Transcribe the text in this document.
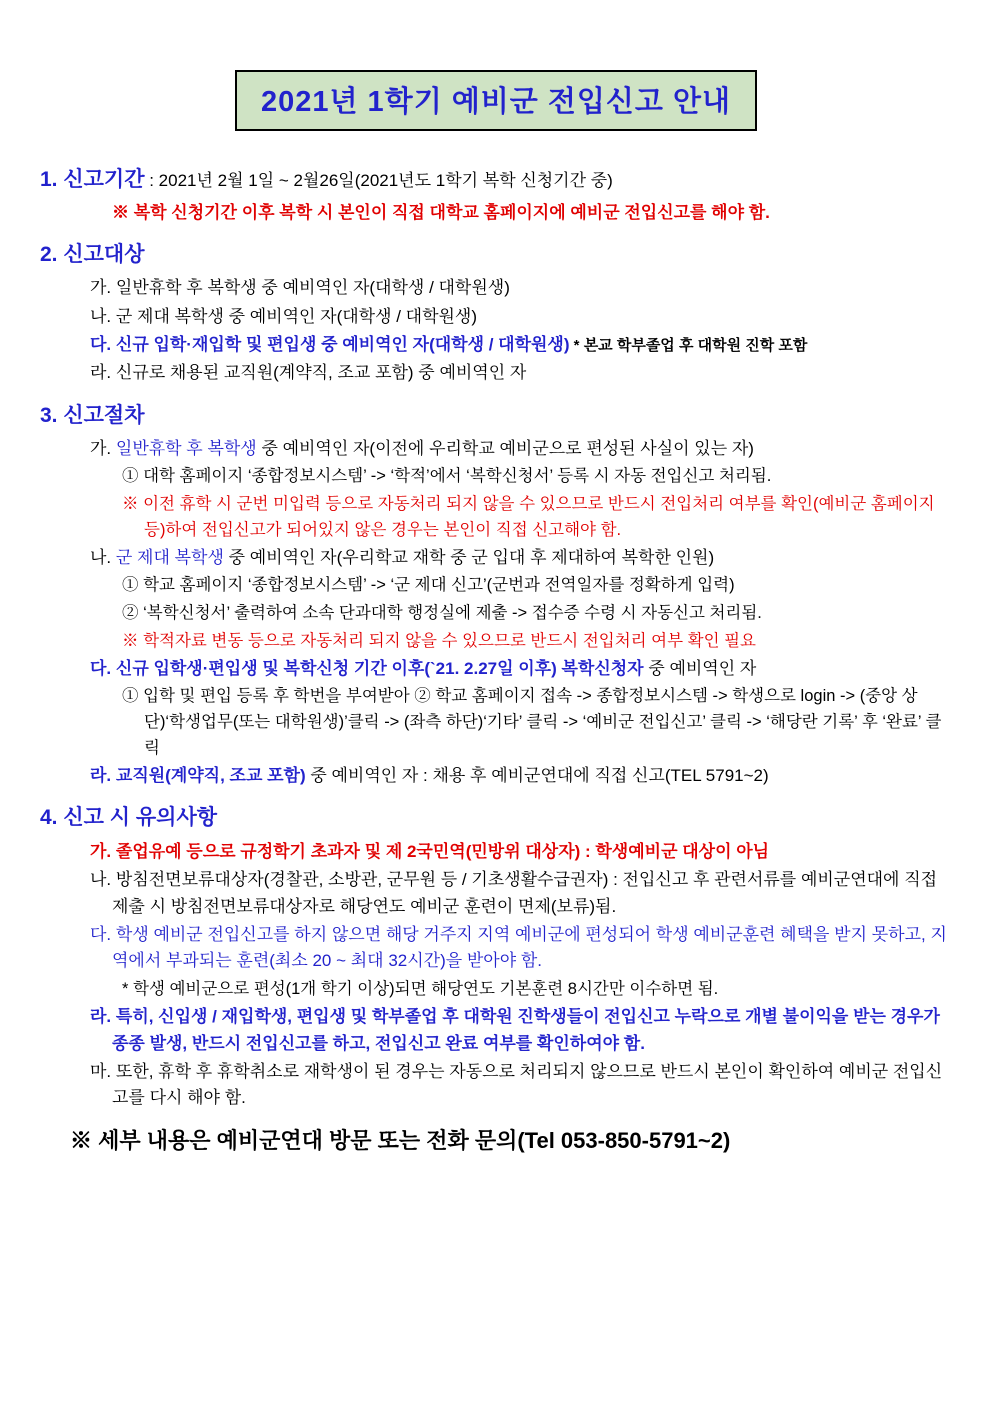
2021년 1학기 예비군 전입신고 안내
1. 신고기간 : 2021년 2월 1일 ~ 2월26일(2021년도 1학기 복학 신청기간 중)
※ 복학 신청기간 이후 복학 시 본인이 직접 대학교 홈페이지에 예비군 전입신고를 해야 함.
2. 신고대상
가. 일반휴학 후 복학생 중 예비역인 자(대학생 / 대학원생)
나. 군 제대 복학생 중 예비역인 자(대학생 / 대학원생)
다. 신규 입학·재입학 및 편입생 중 예비역인 자(대학생 / 대학원생) * 본교 학부졸업 후 대학원 진학 포함
라. 신규로 채용된 교직원(계약직, 조교 포함) 중 예비역인 자
3. 신고절차
가. 일반휴학 후 복학생 중 예비역인 자(이전에 우리학교 예비군으로 편성된 사실이 있는 자)
① 대학 홈페이지 ‘종합정보시스템’ -> ‘학적’에서 ‘복학신청서’ 등록 시 자동 전입신고 처리됨.
※ 이전 휴학 시 군번 미입력 등으로 자동처리 되지 않을 수 있으므로 반드시 전입처리 여부를 확인(예비군 홈페이지 등)하여 전입신고가 되어있지 않은 경우는 본인이 직접 신고해야 함.
나. 군 제대 복학생 중 예비역인 자(우리학교 재학 중 군 입대 후 제대하여 복학한 인원)
① 학교 홈페이지 ‘종합정보시스템’ -> ‘군 제대 신고’(군번과 전역일자를 정확하게 입력)
② ‘복학신청서’ 출력하여 소속 단과대학 행정실에 제출 -> 접수증 수령 시 자동신고 처리됨.
※ 학적자료 변동 등으로 자동처리 되지 않을 수 있으므로 반드시 전입처리 여부 확인 필요
다. 신규 입학생·편입생 및 복학신청 기간 이후(`21. 2.27일 이후) 복학신청자 중 예비역인 자
① 입학 및 편입 등록 후 학번을 부여받아 ② 학교 홈페이지 접속 -> 종합정보시스템 -> 학생으로 login -> (중앙 상단)‘학생업무(또는 대학원생)’클릭 -> (좌측 하단)‘기타’ 클릭 -> ‘예비군 전입신고’ 클릭 -> ‘해당란 기록’ 후 ‘완료’ 클릭
라. 교직원(계약직, 조교 포함) 중 예비역인 자 : 채용 후 예비군연대에 직접 신고(TEL 5791~2)
4. 신고 시 유의사항
가. 졸업유예 등으로 규정학기 초과자 및 제 2국민역(민방위 대상자) : 학생예비군 대상이 아님
나. 방침전면보류대상자(경찰관, 소방관, 군무원 등 / 기초생활수급권자) : 전입신고 후 관련서류를 예비군연대에 직접 제출 시 방침전면보류대상자로 해당연도 예비군 훈련이 면제(보류)됨.
다. 학생 예비군 전입신고를 하지 않으면 해당 거주지 지역 예비군에 편성되어 학생 예비군훈련 혜택을 받지 못하고, 지역에서 부과되는 훈련(최소 20 ~ 최대 32시간)을 받아야 함.
* 학생 예비군으로 편성(1개 학기 이상)되면 해당연도 기본훈련 8시간만 이수하면 됨.
라. 특히, 신입생 / 재입학생, 편입생 및 학부졸업 후 대학원 진학생들이 전입신고 누락으로 개별 불이익을 받는 경우가 종종 발생, 반드시 전입신고를 하고, 전입신고 완료 여부를 확인하여야 함.
마. 또한, 휴학 후 휴학취소로 재학생이 된 경우는 자동으로 처리되지 않으므로 반드시 본인이 확인하여 예비군 전입신고를 다시 해야 함.
※ 세부 내용은 예비군연대 방문 또는 전화 문의(Tel 053-850-5791~2)
